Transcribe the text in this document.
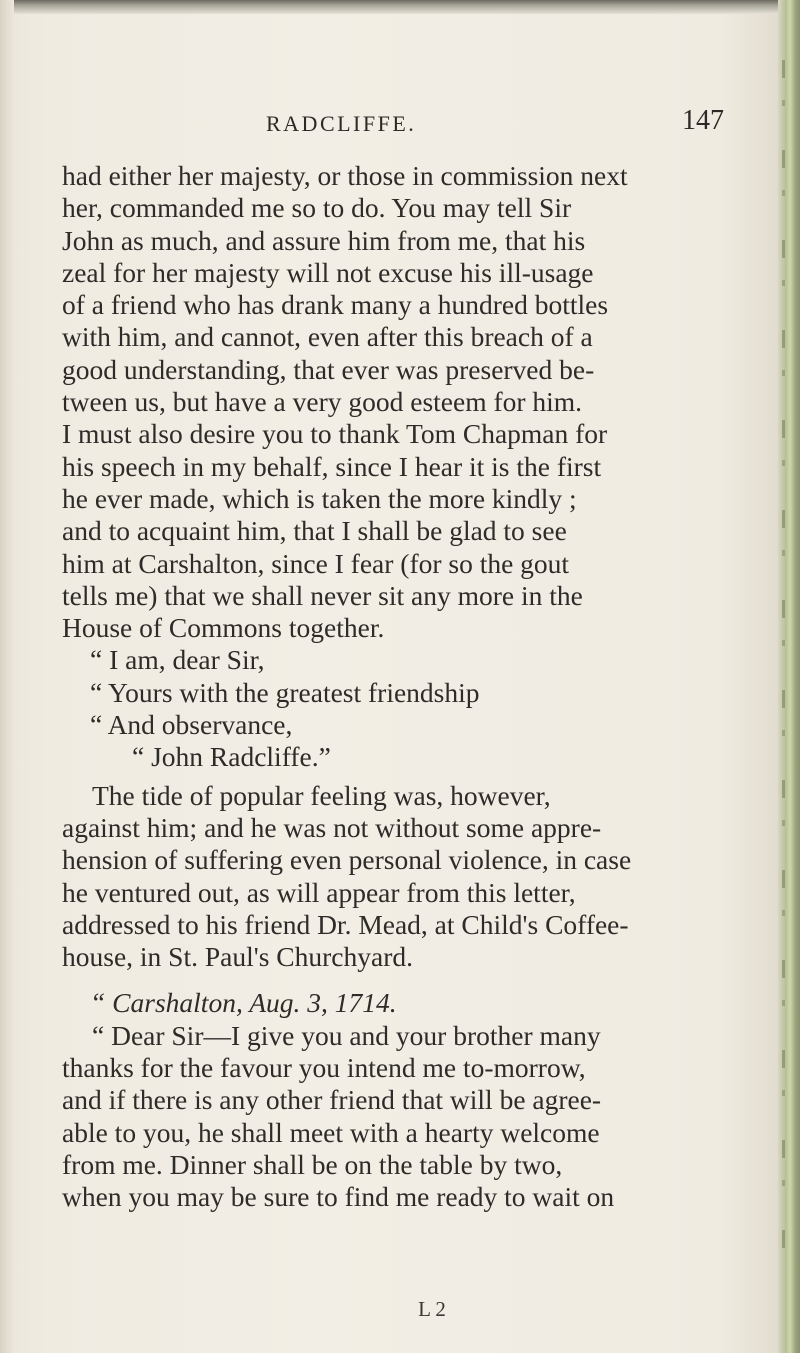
RADCLIFFE.	147
had either her majesty, or those in commission next
her, commanded me so to do. You may tell Sir
John as much, and assure him from me, that his
zeal for her majesty will not excuse his ill-usage
of a friend who has drank many a hundred bottles
with him, and cannot, even after this breach of a
good understanding, that ever was preserved be-
tween us, but have a very good esteem for him.
I must also desire you to thank Tom Chapman for
his speech in my behalf, since I hear it is the first
he ever made, which is taken the more kindly ;
and to acquaint him, that I shall be glad to see
him at Carshalton, since I fear (for so the gout
tells me) that we shall never sit any more in the
House of Commons together.
“ I am, dear Sir,
“ Yours with the greatest friendship
“ And observance,
“ John Radcliffe.”
The tide of popular feeling was, however,
against him; and he was not without some appre-
hension of suffering even personal violence, in case
he ventured out, as will appear from this letter,
addressed to his friend Dr. Mead, at Child's Coffee-
house, in St. Paul's Churchyard.
“ Carshalton, Aug. 3, 1714.
“ Dear Sir—I give you and your brother many
thanks for the favour you intend me to-morrow,
and if there is any other friend that will be agree-
able to you, he shall meet with a hearty welcome
from me. Dinner shall be on the table by two,
when you may be sure to find me ready to wait on
L 2
